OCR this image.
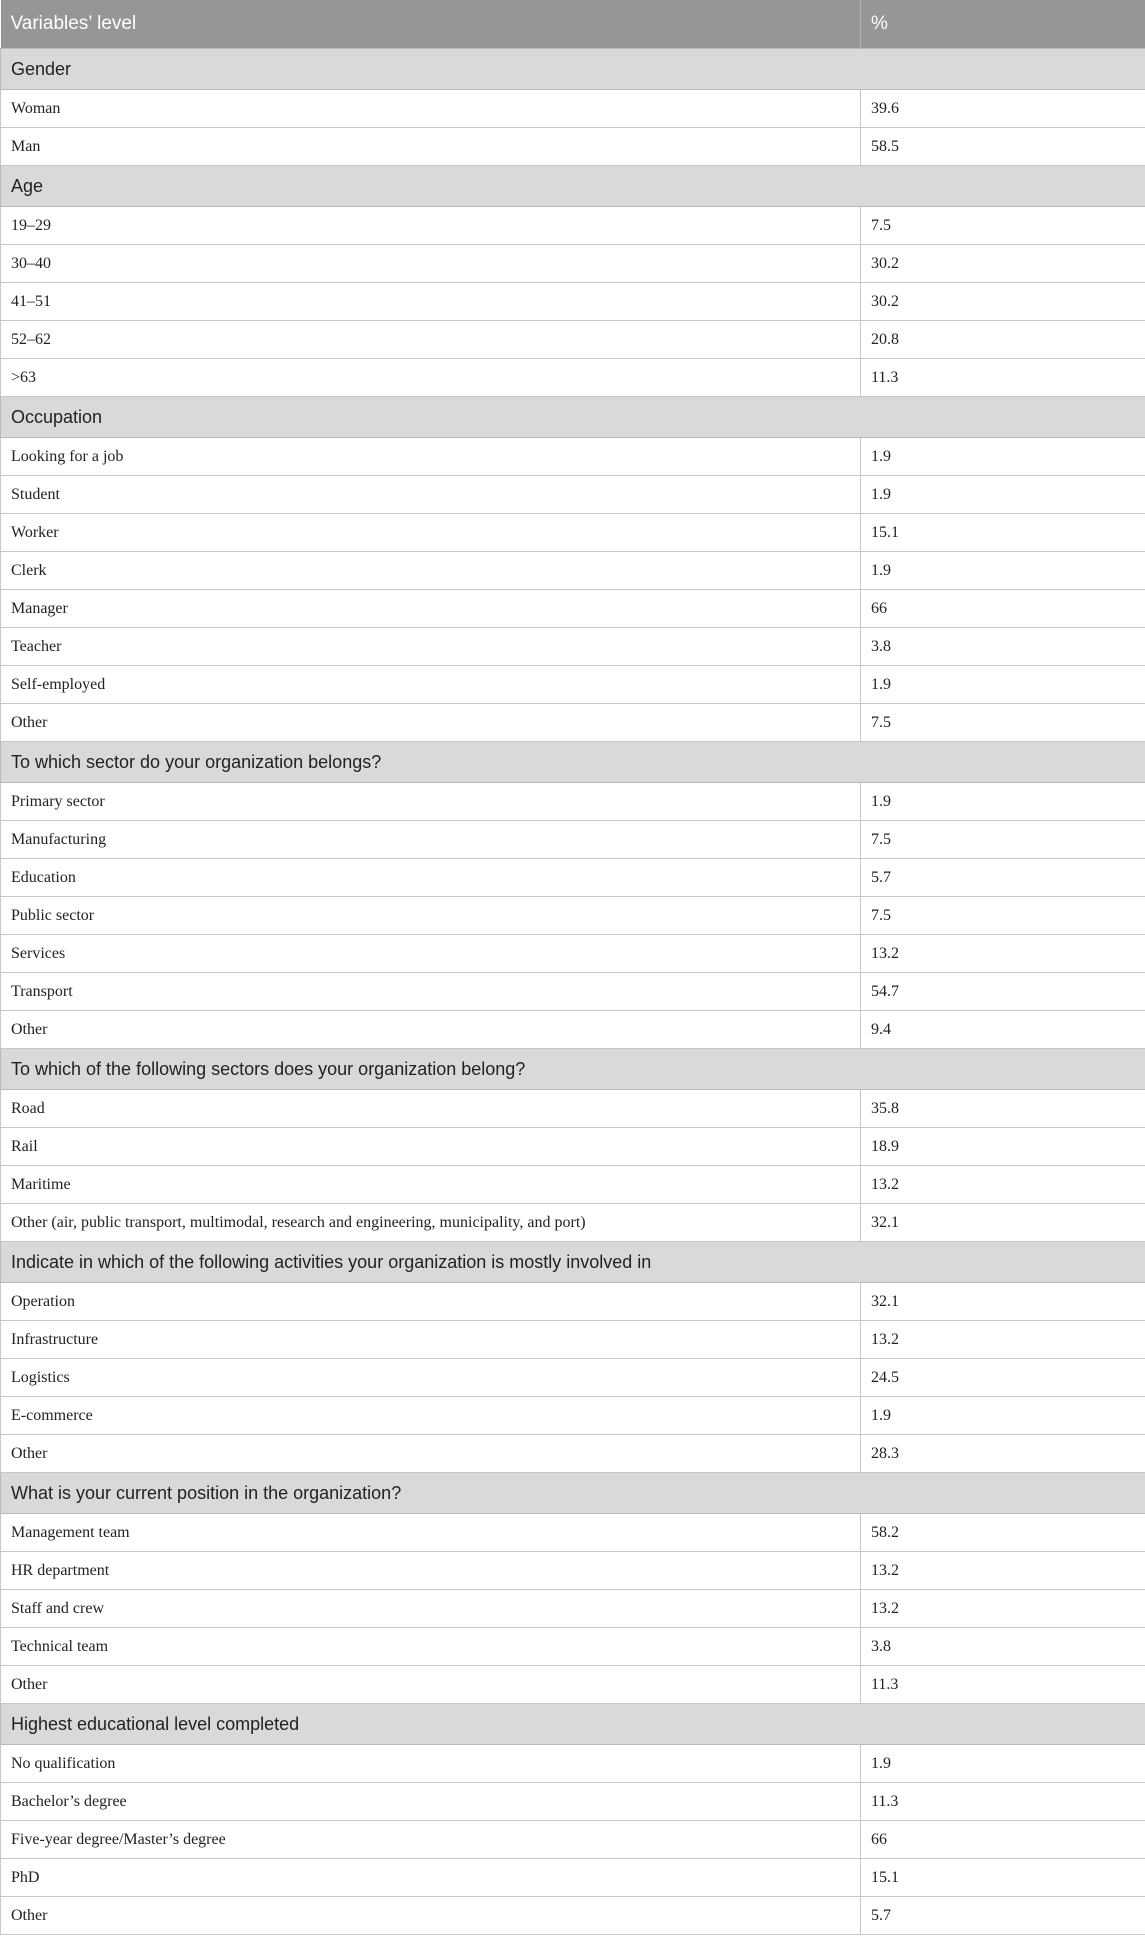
Variables’ level	%
Gender	
Woman	39.6
Man	58.5
Age	
19–29	7.5
30–40	30.2
41–51	30.2
52–62	20.8
>63	11.3
Occupation	
Looking for a job	1.9
Student	1.9
Worker	15.1
Clerk	1.9
Manager	66
Teacher	3.8
Self-employed	1.9
Other	7.5
To which sector do your organization belongs?	
Primary sector	1.9
Manufacturing	7.5
Education	5.7
Public sector	7.5
Services	13.2
Transport	54.7
Other	9.4
To which of the following sectors does your organization belong?	
Road	35.8
Rail	18.9
Maritime	13.2
Other (air, public transport, multimodal, research and engineering, municipality, and port)	32.1
Indicate in which of the following activities your organization is mostly involved in	
Operation	32.1
Infrastructure	13.2
Logistics	24.5
E-commerce	1.9
Other	28.3
What is your current position in the organization?	
Management team	58.2
HR department	13.2
Staff and crew	13.2
Technical team	3.8
Other	11.3
Highest educational level completed	
No qualification	1.9
Bachelor’s degree	11.3
Five-year degree/Master’s degree	66
PhD	15.1
Other	5.7
